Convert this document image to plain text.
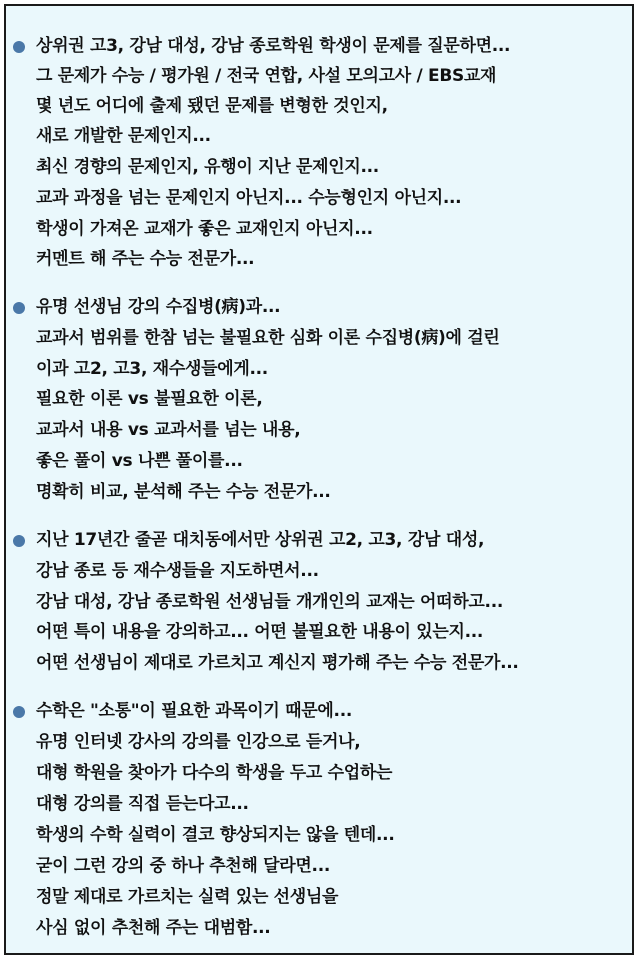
상위권 고3, 강남 대성, 강남 종로학원 학생이 문제를 질문하면...
그 문제가 수능 / 평가원 / 전국 연합, 사설 모의고사 / EBS교재
몇 년도 어디에 출제 됐던 문제를 변형한 것인지,
새로 개발한 문제인지...
최신 경향의 문제인지, 유행이 지난 문제인지...
교과 과정을 넘는 문제인지 아닌지... 수능형인지 아닌지...
학생이 가져온 교재가 좋은 교재인지 아닌지...
커멘트 해 주는 수능 전문가...
유명 선생님 강의 수집병(病)과...
교과서 범위를 한참 넘는 불필요한 심화 이론 수집병(病)에 걸린
이과 고2, 고3, 재수생들에게...
필요한 이론 vs 불필요한 이론,
교과서 내용 vs 교과서를 넘는 내용,
좋은 풀이 vs 나쁜 풀이를...
명확히 비교, 분석해 주는 수능 전문가...
지난 17년간 줄곧 대치동에서만 상위권 고2, 고3, 강남 대성,
강남 종로 등 재수생들을 지도하면서...
강남 대성, 강남 종로학원 선생님들 개개인의 교재는 어떠하고...
어떤 특이 내용을 강의하고... 어떤 불필요한 내용이 있는지...
어떤 선생님이 제대로 가르치고 계신지 평가해 주는 수능 전문가...
수학은 "소통"이 필요한 과목이기 때문에...
유명 인터넷 강사의 강의를 인강으로 듣거나,
대형 학원을 찾아가 다수의 학생을 두고 수업하는
대형 강의를 직접 듣는다고...
학생의 수학 실력이 결코 향상되지는 않을 텐데...
굳이 그런 강의 중 하나 추천해 달라면...
정말 제대로 가르치는 실력 있는 선생님을
사심 없이 추천해 주는 대범함...
